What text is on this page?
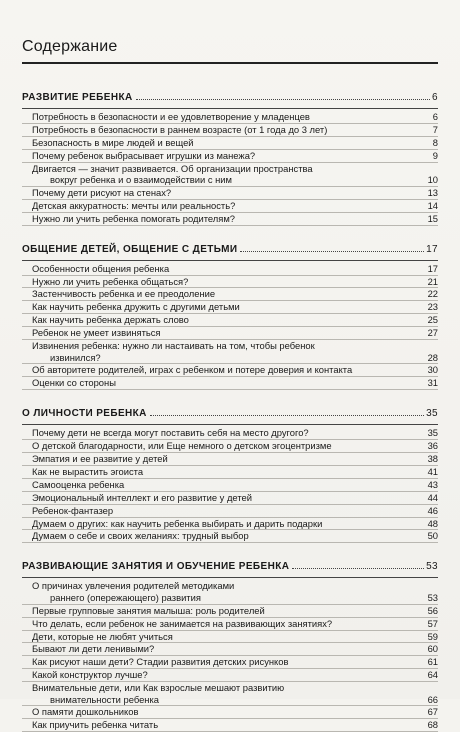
Содержание
РАЗВИТИЕ РЕБЕНКА	6
Потребность в безопасности и ее удовлетворение у младенцев	6
Потребность в безопасности в раннем возрасте (от 1 года до 3 лет)	7
Безопасность в мире людей и вещей	8
Почему ребенок выбрасывает игрушки из манежа?	9
Двигается — значит развивается. Об организации пространства
вокруг ребенка и о взаимодействии с ним	10
Почему дети рисуют на стенах?	13
Детская аккуратность: мечты или реальность?	14
Нужно ли учить ребенка помогать родителям?	15
ОБЩЕНИЕ ДЕТЕЙ, ОБЩЕНИЕ С ДЕТЬМИ	17
Особенности общения ребенка	17
Нужно ли учить ребенка общаться?	21
Застенчивость ребенка и ее преодоление	22
Как научить ребенка дружить с другими детьми	23
Как научить ребенка держать слово	25
Ребенок не умеет извиняться	27
Извинения ребенка: нужно ли настаивать на том, чтобы ребенок
извинился?	28
Об авторитете родителей, играх с ребенком и потере доверия и контакта	30
Оценки со стороны	31
О ЛИЧНОСТИ РЕБЕНКА	35
Почему дети не всегда могут поставить себя на место другого?	35
О детской благодарности, или Еще немного о детском эгоцентризме	36
Эмпатия и ее развитие у детей	38
Как не вырастить эгоиста	41
Самооценка ребенка	43
Эмоциональный интеллект и его развитие у детей	44
Ребенок-фантазер	46
Думаем о других: как научить ребенка выбирать и дарить подарки	48
Думаем о себе и своих желаниях: трудный выбор	50
РАЗВИВАЮЩИЕ ЗАНЯТИЯ И ОБУЧЕНИЕ РЕБЕНКА	53
О причинах увлечения родителей методиками
раннего (опережающего) развития	53
Первые групповые занятия малыша: роль родителей	56
Что делать, если ребенок не занимается на развивающих занятиях?	57
Дети, которые не любят учиться	59
Бывают ли дети ленивыми?	60
Как рисуют наши дети? Стадии развития детских рисунков	61
Какой конструктор лучше?	64
Внимательные дети, или Как взрослые мешают развитию
внимательности ребенка	66
О памяти дошкольников	67
Как приучить ребенка читать	68
